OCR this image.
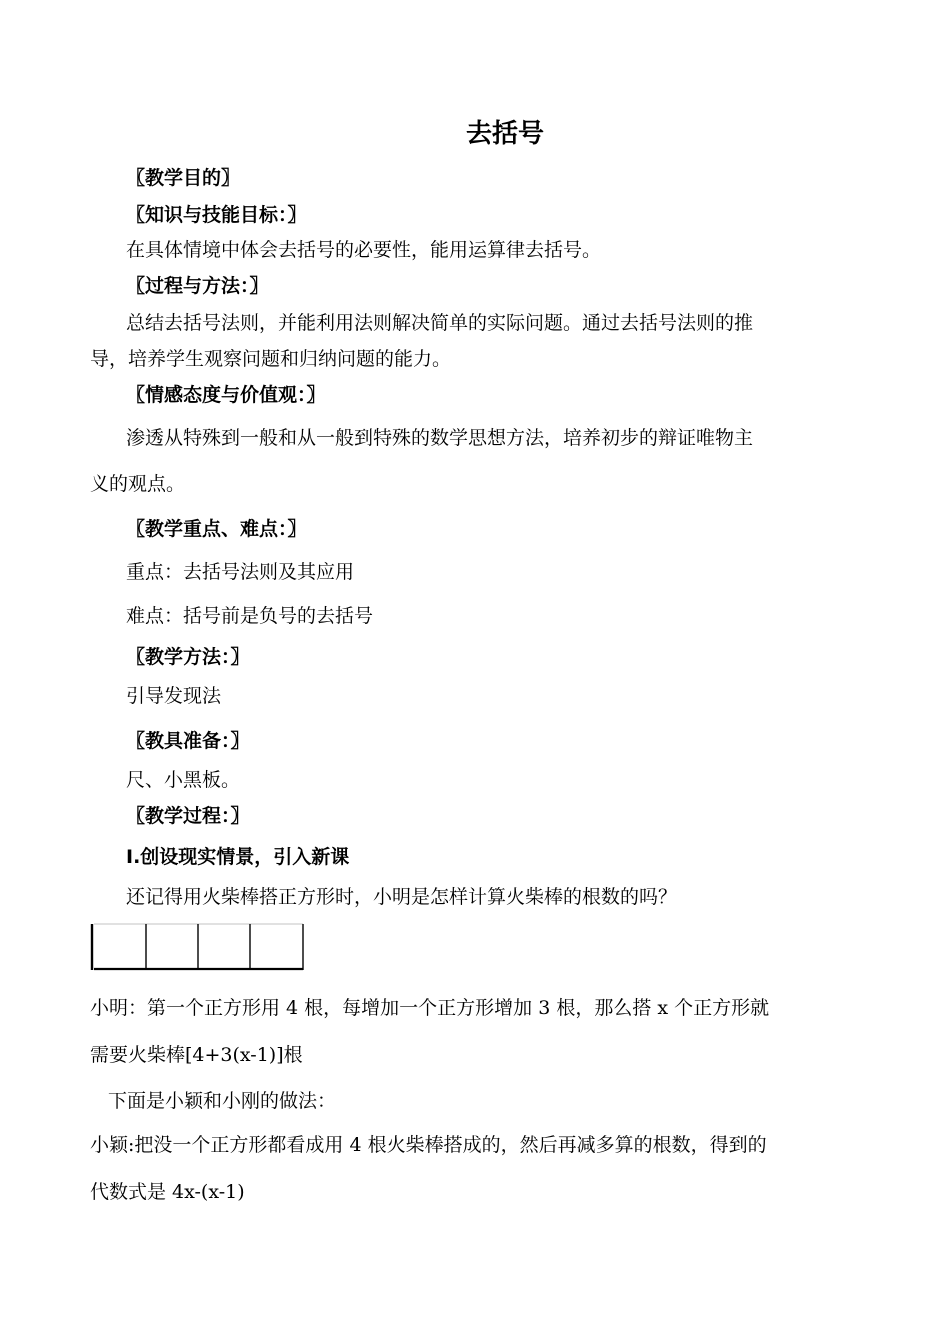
去括号
〖教学目的〗
〖知识与技能目标：〗
在具体情境中体会去括号的必要性，能用运算律去括号。
〖过程与方法：〗
总结去括号法则，并能利用法则解决简单的实际问题。通过去括号法则的推
导，培养学生观察问题和归纳问题的能力。
〖情感态度与价值观：〗
渗透从特殊到一般和从一般到特殊的数学思想方法，培养初步的辩证唯物主
义的观点。
〖教学重点、难点：〗
重点：去括号法则及其应用
难点：括号前是负号的去括号
〖教学方法：〗
引导发现法
〖教具准备：〗
尺、小黑板。
〖教学过程：〗
Ⅰ.创设现实情景，引入新课
还记得用火柴棒搭正方形时，小明是怎样计算火柴棒的根数的吗？
小明：第一个正方形用 4 根，每增加一个正方形增加 3 根，那么搭 x 个正方形就
需要火柴棒[4+3(x-1)]根
下面是小颖和小刚的做法：
小颖:把没一个正方形都看成用 4 根火柴棒搭成的，然后再减多算的根数，得到的
代数式是 4x-(x-1)
